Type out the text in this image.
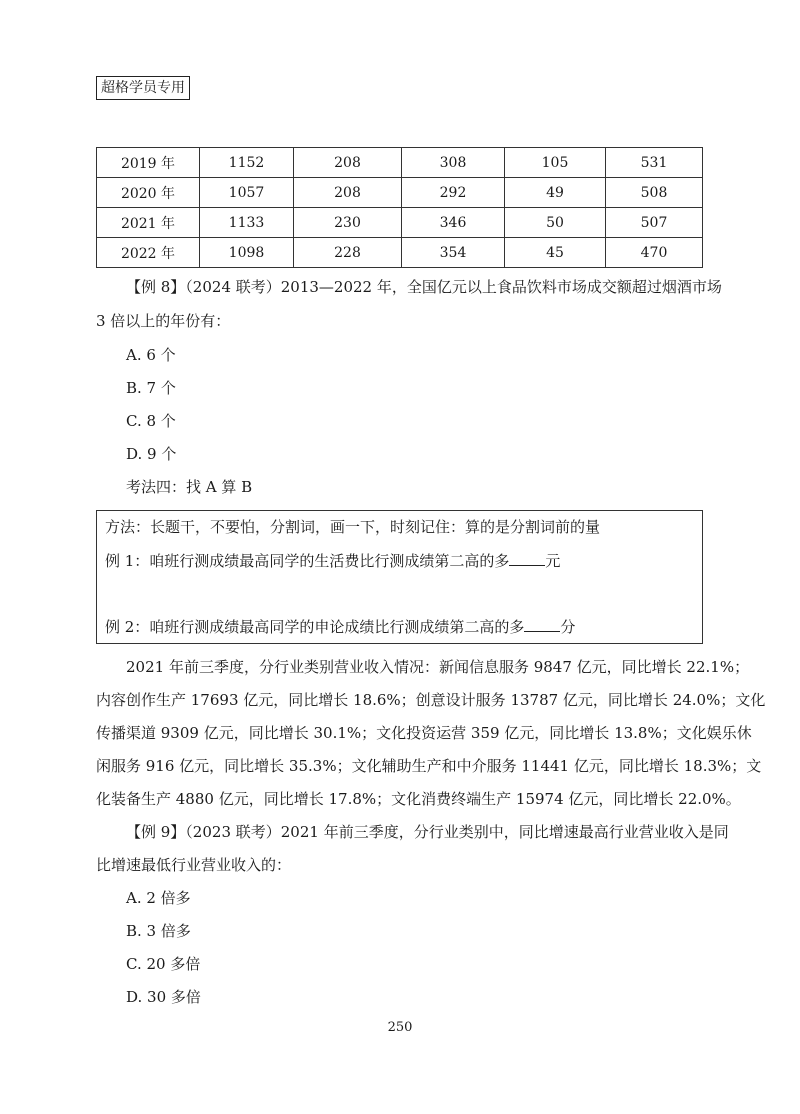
超格学员专用
2019 年	1152	208	308	105	531
2020 年	1057	208	292	49	508
2021 年	1133	230	346	50	507
2022 年	1098	228	354	45	470
【例 8】（2024 联考）2013—2022 年，全国亿元以上食品饮料市场成交额超过烟酒市场
3 倍以上的年份有：
A. 6 个
B. 7 个
C. 8 个
D. 9 个
考法四：找 A 算 B
方法：长题干，不要怕，分割词，画一下，时刻记住：算的是分割词前的量
例 1：咱班行测成绩最高同学的生活费比行测成绩第二高的多 元
例 2：咱班行测成绩最高同学的申论成绩比行测成绩第二高的多 分
2021 年前三季度，分行业类别营业收入情况：新闻信息服务 9847 亿元，同比增长 22.1%；
内容创作生产 17693 亿元，同比增长 18.6%；创意设计服务 13787 亿元，同比增长 24.0%；文化
传播渠道 9309 亿元，同比增长 30.1%；文化投资运营 359 亿元，同比增长 13.8%；文化娱乐休
闲服务 916 亿元，同比增长 35.3%；文化辅助生产和中介服务 11441 亿元，同比增长 18.3%；文
化装备生产 4880 亿元，同比增长 17.8%；文化消费终端生产 15974 亿元，同比增长 22.0%。
【例 9】（2023 联考）2021 年前三季度，分行业类别中，同比增速最高行业营业收入是同
比增速最低行业营业收入的：
A. 2 倍多
B. 3 倍多
C. 20 多倍
D. 30 多倍
250
